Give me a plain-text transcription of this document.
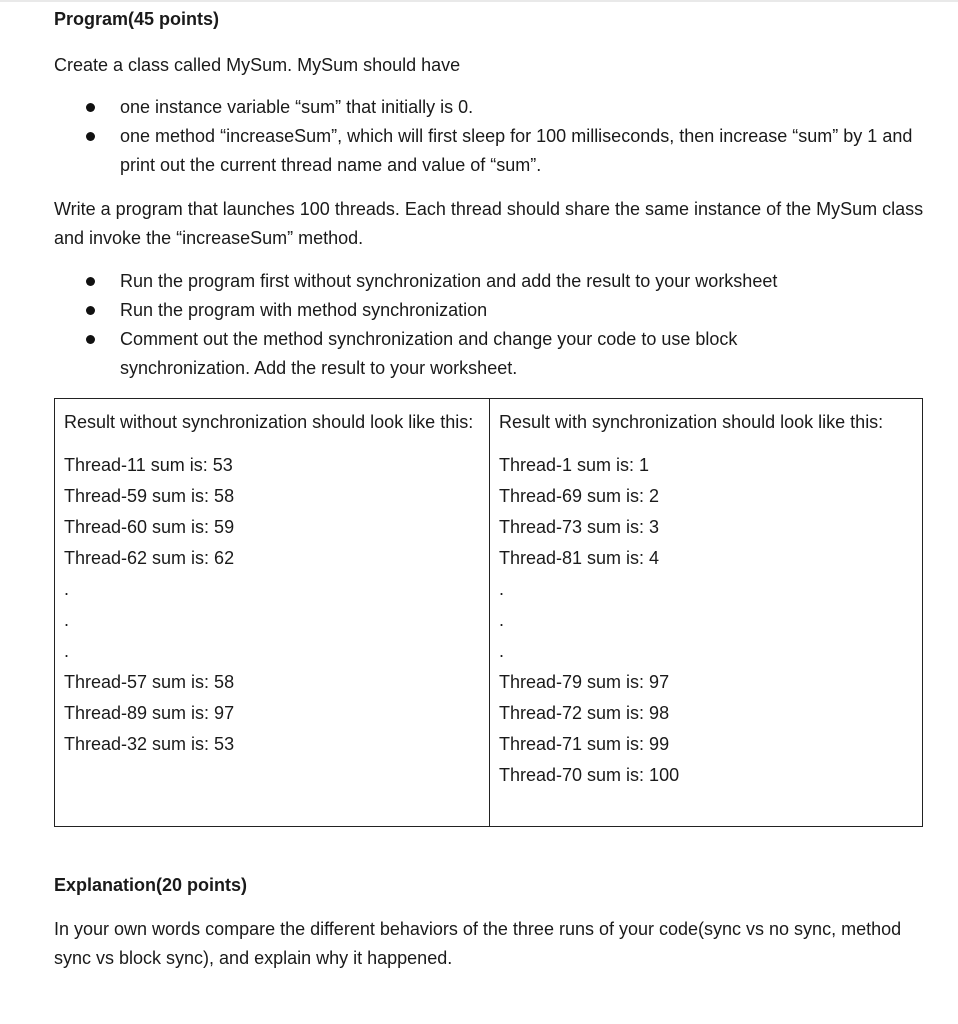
Program(45 points)
Create a class called MySum. MySum should have
one instance variable “sum” that initially is 0.
one method “increaseSum”, which will first sleep for 100 milliseconds, then increase “sum” by 1 and print out the current thread name and value of “sum”.
Write a program that launches 100 threads. Each thread should share the same instance of the MySum class and invoke the “increaseSum” method.
Run the program first without synchronization and add the result to your worksheet
Run the program with method synchronization
Comment out the method synchronization and change your code to use block synchronization. Add the result to your worksheet.
Result without synchronization should look like this:
Thread-11 sum is: 53
Thread-59 sum is: 58
Thread-60 sum is: 59
Thread-62 sum is: 62
.
.
.
Thread-57 sum is: 58
Thread-89 sum is: 97
Thread-32 sum is: 53
Result with synchronization should look like this:
Thread-1 sum is: 1
Thread-69 sum is: 2
Thread-73 sum is: 3
Thread-81 sum is: 4
.
.
.
Thread-79 sum is: 97
Thread-72 sum is: 98
Thread-71 sum is: 99
Thread-70 sum is: 100
Explanation(20 points)
In your own words compare the different behaviors of the three runs of your code(sync vs no sync, method sync vs block sync), and explain why it happened.
